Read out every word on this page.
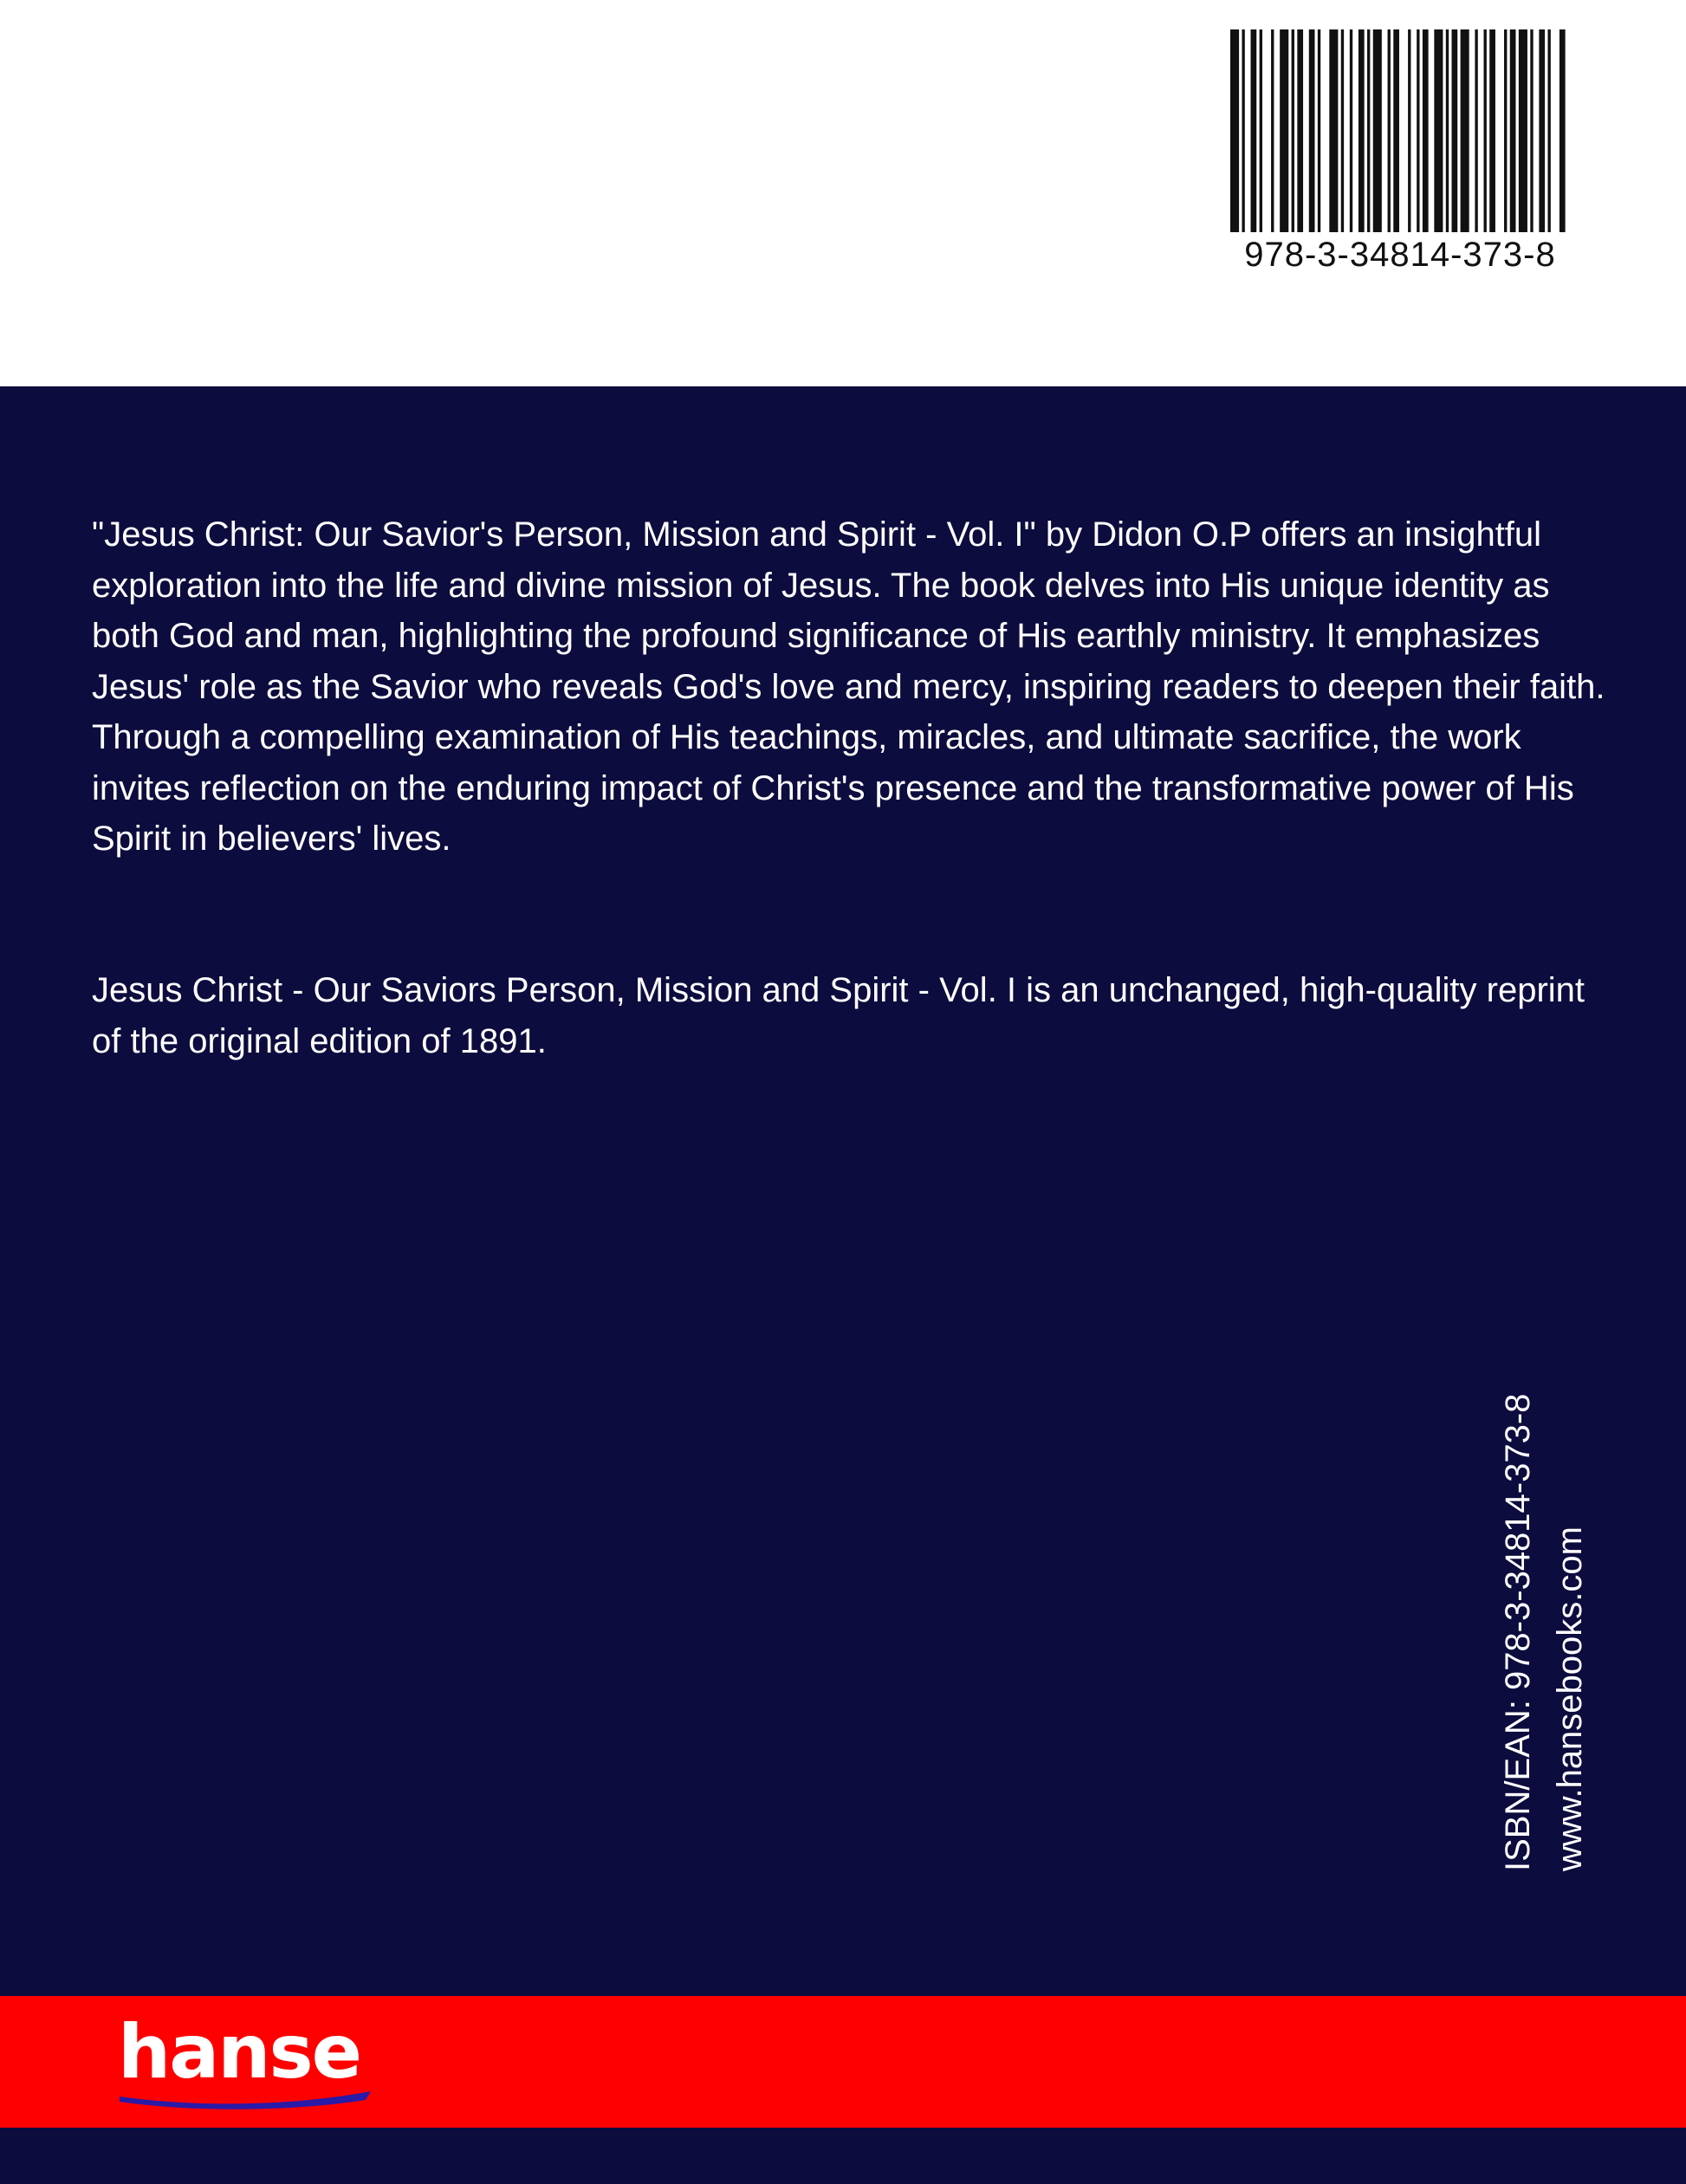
978-3-34814-373-8

"Jesus Christ: Our Savior's Person, Mission and Spirit - Vol. I" by Didon O.P offers an insightful exploration into the life and divine mission of Jesus. The book delves into His unique identity as both God and man, highlighting the profound significance of His earthly ministry. It emphasizes Jesus' role as the Savior who reveals God's love and mercy, inspiring readers to deepen their faith. Through a compelling examination of His teachings, miracles, and ultimate sacrifice, the work invites reflection on the enduring impact of Christ's presence and the transformative power of His Spirit in believers' lives.

Jesus Christ - Our Saviors Person, Mission and Spirit - Vol. I is an unchanged, high-quality reprint of the original edition of 1891.

ISBN/EAN: 978-3-34814-373-8 www.hansebooks.com
hanse
